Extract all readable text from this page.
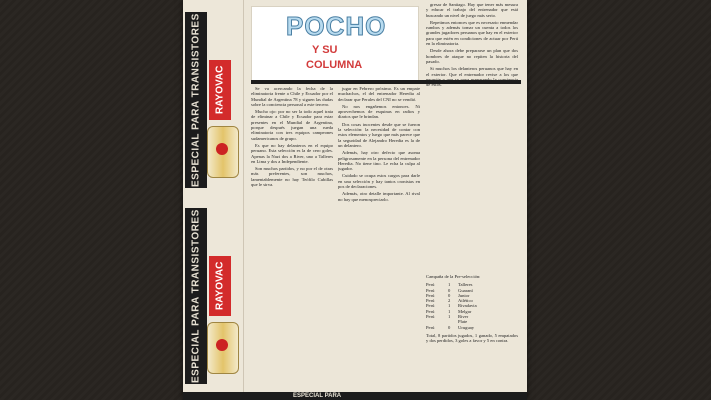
ESPECIAL PARA TRANSISTORES	RAYOVAC
ESPECIAL PARA TRANSISTORES	RAYOVAC
POCHO
Y SU
COLUMNA

Se va acercando la fecha de la eliminatoria frente a Chile y Ecuador por el Mundial de Argentina 78 y siguen las dudas sobre la conciencia personal a este tercero.

Mucho ojo: por no ser la todo aquel trata de eliminar a Chile y Ecuador para estar presentes en el Mundial de Argentina, porque después juegan una rueda eliminatoria con tres equipos campeones sudamericanos de grupo.

Es que no hay delanteros en el equipo peruano. Esta selección es la de cero goles. Apenas la Nazi dos a River, uno a Talleres en Lima y dos a Independiente.

Son muchos partidos, y no por el de otras más preferentes, son muchos, lamentablemente no hay Teófilo Cubillas que le sirva.

jugar en Febrero próximo. Es un empate muchachos, el del entrenador Heredia al declarar que Perales del CNI no se vendió.

No nos engañemos entonces. Ni aprovechemos de esquinas en radios y diarios que le brindan.

Dos cosas inocentes desde que se fueron la selección: la necesidad de contar con estos elementos y luego que más parece que la seguridad de Alejandro Heredia es la de un delantero.

Además, hay otro defecto que asoma peligrosamente en la persona del entrenador Heredia. No tiene tino. Le echa la culpa al jugador.

Cuidado se ocupa estos cargos para darle en una selección y hay tantos cronistas en pos de declaraciones.

Además, otro detalle importante. Al rival no hay que menospreciarlo.

gresar de Santiago. Hay que tener más mesura y educar el trabajo del entrenador que está buscando un nivel de juego más serio.

Repetimos entonces que es necesario enmendar rumbos y además tomar un cuenta a todos los grandes jugadores peruanos que hay en el exterior para que estén en condiciones de actuar por Perú en la eliminatoria.

Desde ahora debe prepararse un plan que dos hombres de ataque no repiten la historia del pasado.

Si muchos los delanteros peruanos que hay en el exterior. Que el entrenador revise a los que necesite y que se vaya preparando la conciencia de éstos.

Campaña de la Pre-selección:
Perú	1	Talleres
Perú	0	Guaraní
Perú	0	Junior
Perú	2	Atlético
Perú	1	Rivadavia
Perú	1	Melgar
Perú	1	River Plate
Perú	0	Uruguay
Total, 8 partidos jugados, 1 ganado, 5 empatados y dos perdidos, 3 goles a favor y 5 en contra.
ESPECIAL PARA
